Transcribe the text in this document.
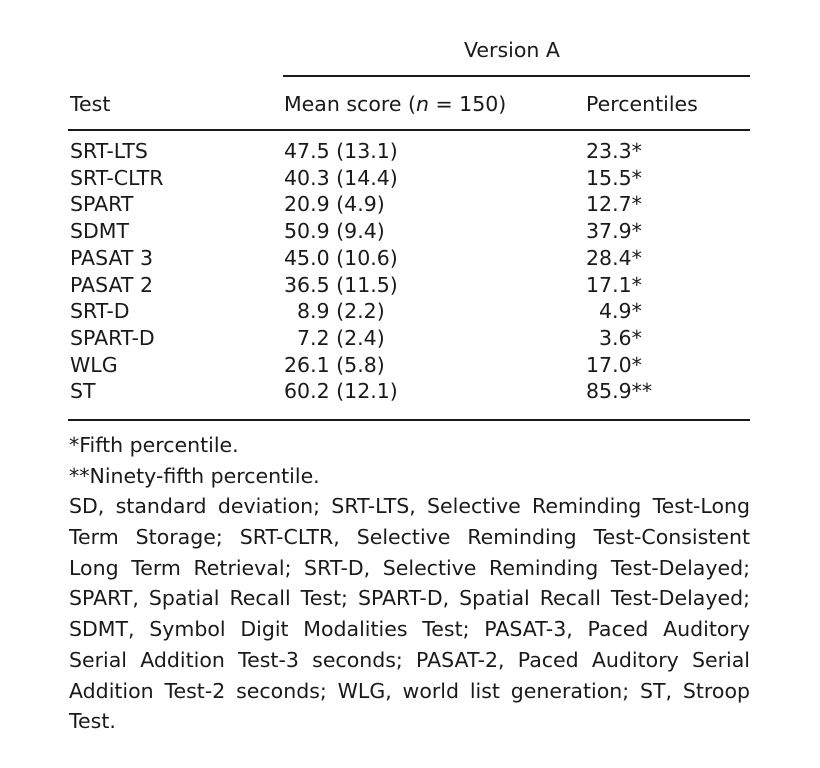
Version A
Test	Mean score (n = 150)	Percentiles
SRT-LTS	47.5 (13.1)	23.3*
SRT-CLTR	40.3 (14.4)	15.5*
SPART	20.9 (4.9)	12.7*
SDMT	50.9 (9.4)	37.9*
PASAT 3	45.0 (10.6)	28.4*
PASAT 2	36.5 (11.5)	17.1*
SRT-D	8.9 (2.2)	4.9*
SPART-D	7.2 (2.4)	3.6*
WLG	26.1 (5.8)	17.0*
ST	60.2 (12.1)	85.9**
*Fifth percentile.
**Ninety-fifth percentile.
SD, standard deviation; SRT-LTS, Selective Reminding Test-Long
Term Storage; SRT-CLTR, Selective Reminding Test-Consistent
Long Term Retrieval; SRT-D, Selective Reminding Test-Delayed;
SPART, Spatial Recall Test; SPART-D, Spatial Recall Test-Delayed;
SDMT, Symbol Digit Modalities Test; PASAT-3, Paced Auditory
Serial Addition Test-3 seconds; PASAT-2, Paced Auditory Serial
Addition Test-2 seconds; WLG, world list generation; ST, Stroop
Test.
